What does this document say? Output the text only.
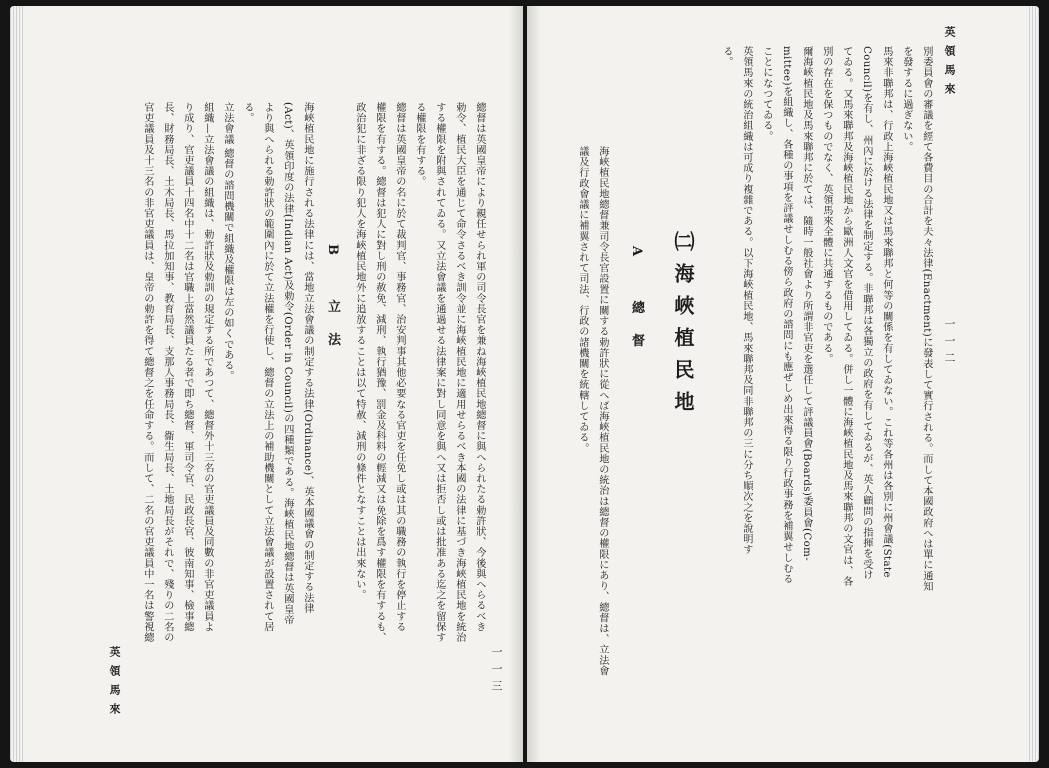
英領馬來	一一三
總督は英國皇帝により親任せられ軍の司令長官を兼ね海峽植民地總督に與へられたる勅許狀、今後與へらるべき
勅令、植民大臣を通じて命令さるべき訓令並に海峽植民地に適用せらるべき本國の法律に基づき海峽植民地を統治
する權限を附與されてゐる。又立法會議を通過せる法律案に對し同意を與へ又は拒否し或は批准ある迄之を留保す
る權限を有する。
總督は英國皇帝の名に於て裁判官、事務官、治安判事其他必要なる官吏を任免し或は其の職務の執行を停止する
權限を有する。總督は犯人に對し刑の赦免、減刑、執行猶豫、罰金及科料の輕減又は免除を爲す權限を有するも、
政治犯に非ざる限り犯人を海峽植民地外に追放することは以て特赦、減刑の條件となすことは出來ない。
B 立法
海峽植民地に施行される法律には、當地立法會議の制定する法律(Ordinance)、英本國議會の制定する法律
(Act)、英領印度の法律(Indian Act)及勅令(Order in Council)の四種類である。海峽植民地總督は英國皇帝
より與へられる勅許狀の範圍內に於て立法權を行使し、總督の立法上の補助機關として立法會議が設置されて居
る。
立法會議 總督の諮問機關で組織及權限は左の如くである。
組織—立法會議の組織は、勅許狀及勅訓の規定する所であつて、總督外十三名の官吏議員及同數の非官吏議員よ
り成り、官吏議員十四名中十二名は官職上當然議員たる者で即ち總督、軍司令官、民政長官、彼南知事、檢事總
長、財務局長、土木局長、馬拉加知事、教育局長、支那人事務局長、衞生局長、土地局長がそれで、殘りの二名の
官吏議員及十三名の非官吏議員は、皇帝の勅許を得て總督之を任命する。而して、二名の官吏議員中一名は警視總
英領馬來
一一二
別委員會の審議を經て各費目の合計を夫々法律(Enactment)に發表して實行される。而して本國政府へは單に通知
を發するに過ぎない。
馬來非聯邦は、行政上海峽植民地又は馬來聯邦と何等の關係を有してゐない。これ等各州は各別に州會議(State
Council)を有し、州內に於ける法律を制定する。非聯邦は各獨立の政府を有してゐるが、英人顧問の指揮を受け
てゐる。又馬來聯邦及海峽植民地から歐洲人文官を借用してゐる。併し一體に海峽植民地及馬來聯邦の文官は、各
別の存在を保つものでなく、英領馬來全體に共通するものである。
爾海峽植民地及馬來聯邦に於ては、隨時一般社會より所謂非官吏を選任して評議員會(Boards)委員會(Com-
mittee)を組織し、各種の事項を評議せしむる傍ら政府の諮問にも應ぜしめ出來得る限り行政事務を補翼せしむる
ことになつてゐる。
英領馬來の統治組織は可成り複雜である。以下海峽植民地、馬來聯邦及同非聯邦の三に分ち順次之を說明す
る。
㈡海峽植民地
A 總督
海峽植民地總督兼司令長官設置に關する勅許狀に從へば海峽植民地の統治は總督の權限にあり、總督は、立法會
議及行政會議に補翼されて司法、行政の諸機關を統轄してゐる。
